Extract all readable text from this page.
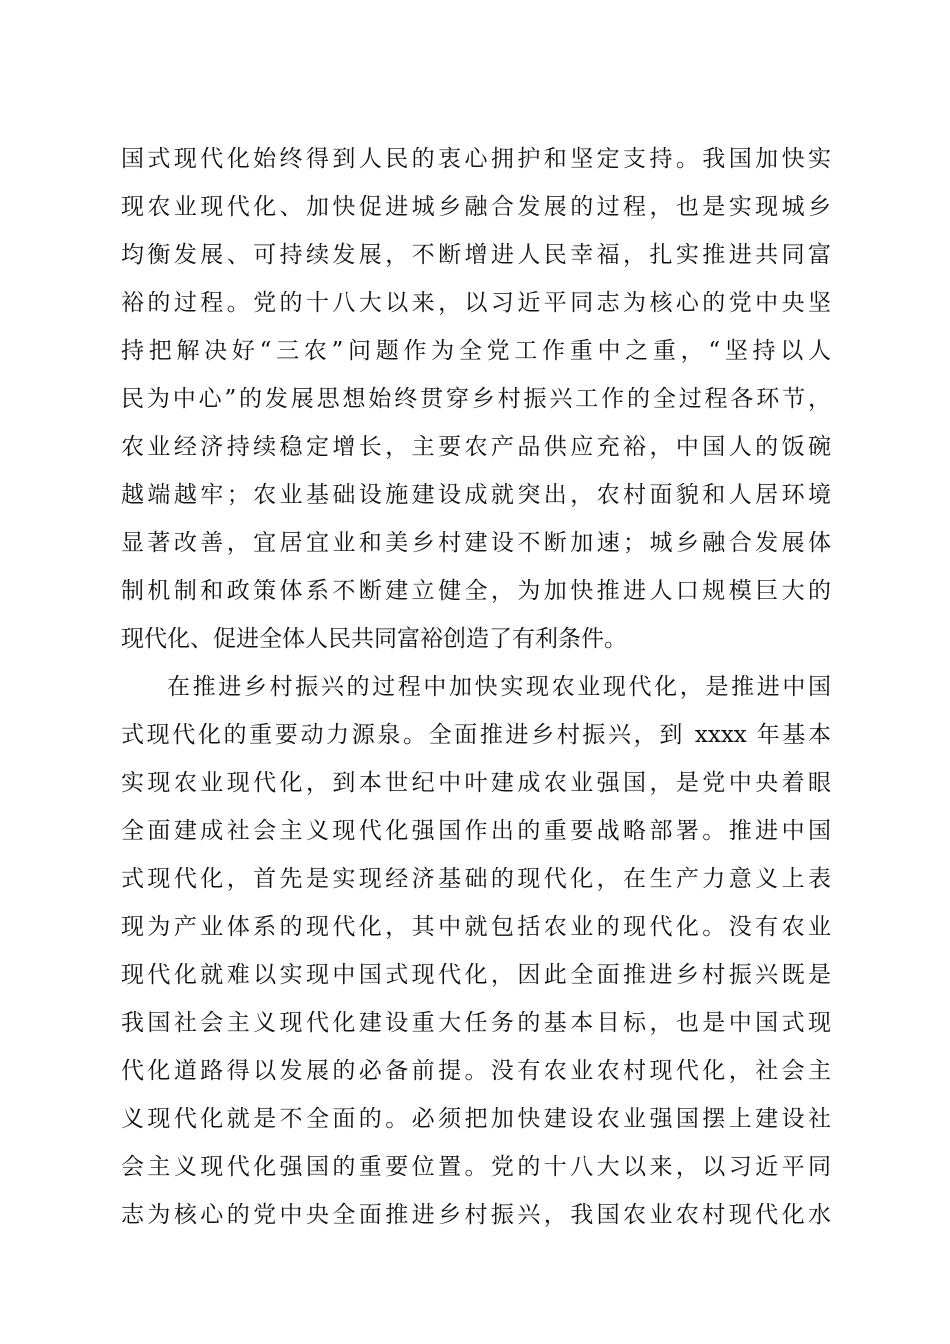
国式现代化始终得到人民的衷心拥护和坚定支持。我国加快实

现农业现代化、加快促进城乡融合发展的过程，也是实现城乡

均衡发展、可持续发展，不断增进人民幸福，扎实推进共同富

裕的过程。党的十八大以来，以习近平同志为核心的党中央坚

持把解决好“三农”问题作为全党工作重中之重，“坚持以人

民为中心”的发展思想始终贯穿乡村振兴工作的全过程各环节，

农业经济持续稳定增长，主要农产品供应充裕，中国人的饭碗

越端越牢；农业基础设施建设成就突出，农村面貌和人居环境

显著改善，宜居宜业和美乡村建设不断加速；城乡融合发展体

制机制和政策体系不断建立健全，为加快推进人口规模巨大的

现代化、促进全体人民共同富裕创造了有利条件。

在推进乡村振兴的过程中加快实现农业现代化，是推进中国

式现代化的重要动力源泉。全面推进乡村振兴，到 xxxx 年基本

实现农业现代化，到本世纪中叶建成农业强国，是党中央着眼

全面建成社会主义现代化强国作出的重要战略部署。推进中国

式现代化，首先是实现经济基础的现代化，在生产力意义上表

现为产业体系的现代化，其中就包括农业的现代化。没有农业

现代化就难以实现中国式现代化，因此全面推进乡村振兴既是

我国社会主义现代化建设重大任务的基本目标，也是中国式现

代化道路得以发展的必备前提。没有农业农村现代化，社会主

义现代化就是不全面的。必须把加快建设农业强国摆上建设社

会主义现代化强国的重要位置。党的十八大以来，以习近平同

志为核心的党中央全面推进乡村振兴，我国农业农村现代化水
